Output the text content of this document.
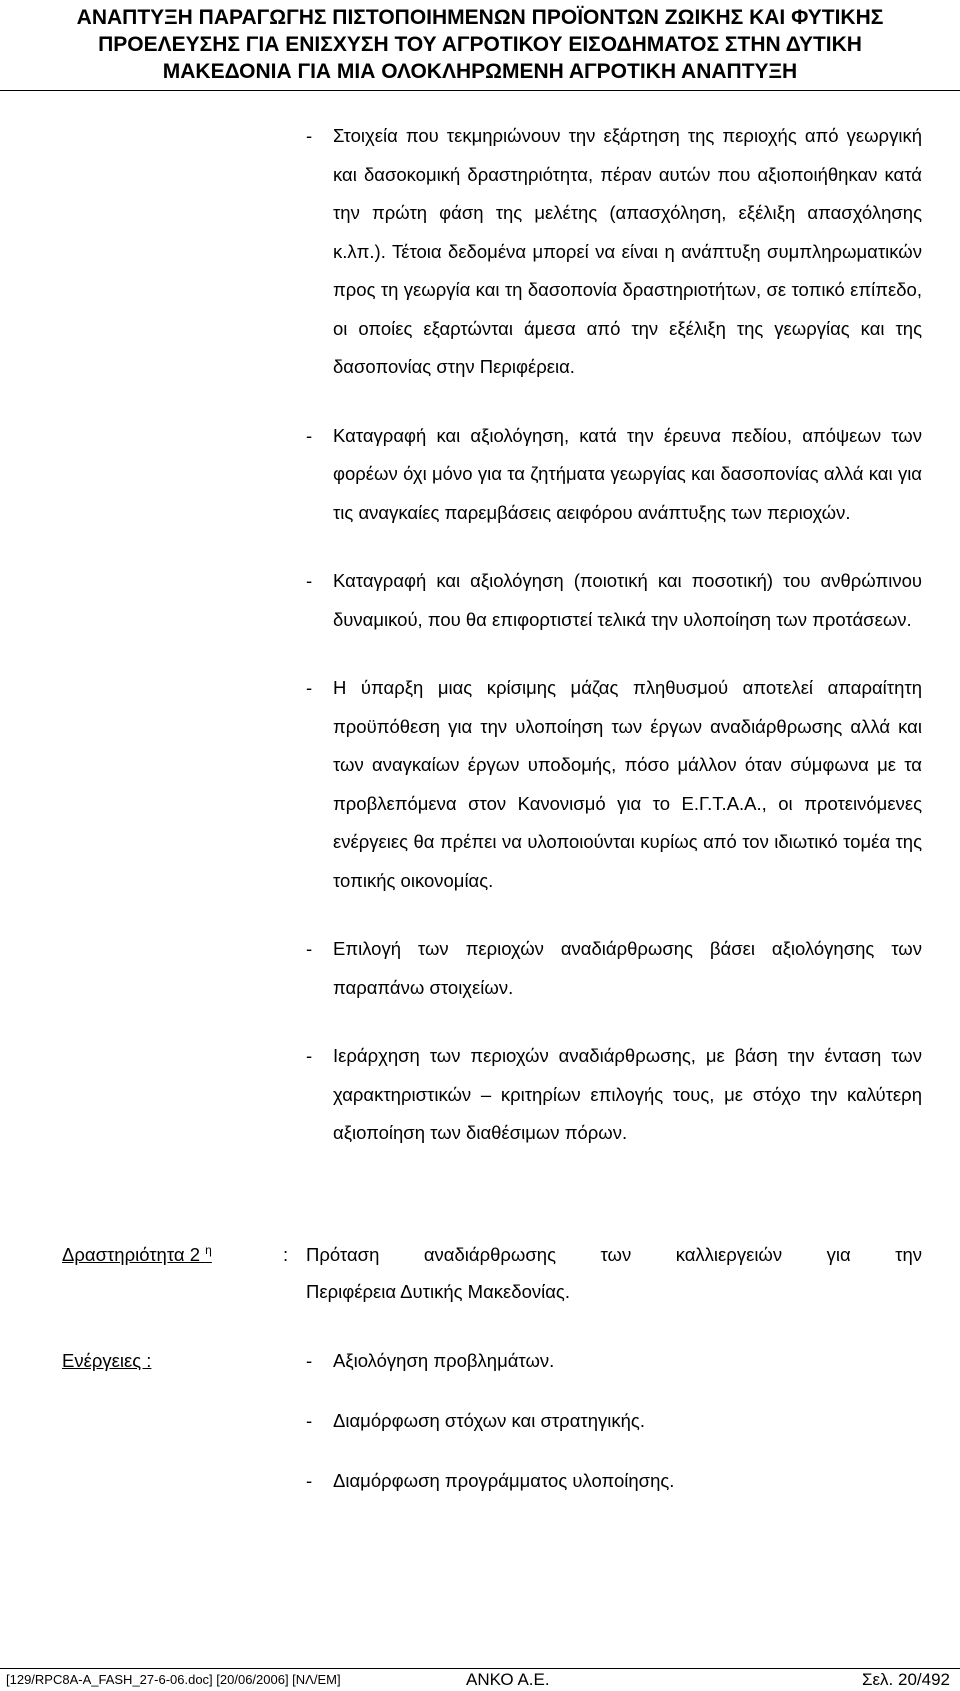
ΑΝΑΠΤΥΞΗ ΠΑΡΑΓΩΓΗΣ ΠΙΣΤΟΠΟΙΗΜΕΝΩΝ ΠΡΟΪΟΝΤΩΝ ΖΩΙΚΗΣ ΚΑΙ ΦΥΤΙΚΗΣ
ΠΡΟΕΛΕΥΣΗΣ ΓΙΑ ΕΝΙΣΧΥΣΗ ΤΟΥ ΑΓΡΟΤΙΚΟΥ ΕΙΣΟΔΗΜΑΤΟΣ ΣΤΗΝ ΔΥΤΙΚΗ
ΜΑΚΕΔΟΝΙΑ ΓΙΑ ΜΙΑ ΟΛΟΚΛΗΡΩΜΕΝΗ ΑΓΡΟΤΙΚΗ ΑΝΑΠΤΥΞΗ
- Στοιχεία που τεκμηριώνουν την εξάρτηση της περιοχής από γεωργική και δασοκομική δραστηριότητα, πέραν αυτών που αξιοποιήθηκαν κατά την πρώτη φάση της μελέτης (απασχόληση, εξέλιξη απασχόλησης κ.λπ.). Τέτοια δεδομένα μπορεί να είναι η ανάπτυξη συμπληρωματικών προς τη γεωργία και τη δασοπονία δραστηριοτήτων, σε τοπικό επίπεδο, οι οποίες εξαρτώνται άμεσα από την εξέλιξη της γεωργίας και της δασοπονίας στην Περιφέρεια.
- Καταγραφή και αξιολόγηση, κατά την έρευνα πεδίου, απόψεων των φορέων όχι μόνο για τα ζητήματα γεωργίας και δασοπονίας αλλά και για τις αναγκαίες παρεμβάσεις αειφόρου ανάπτυξης των περιοχών.
- Καταγραφή και αξιολόγηση (ποιοτική και ποσοτική) του ανθρώπινου δυναμικού, που θα επιφορτιστεί τελικά την υλοποίηση των προτάσεων.
- Η ύπαρξη μιας κρίσιμης μάζας πληθυσμού αποτελεί απαραίτητη προϋπόθεση για την υλοποίηση των έργων αναδιάρθρωσης αλλά και των αναγκαίων έργων υποδομής, πόσο μάλλον όταν σύμφωνα με τα προβλεπόμενα στον Κανονισμό για το Ε.Γ.Τ.Α.Α., οι προτεινόμενες ενέργειες θα πρέπει να υλοποιούνται κυρίως από τον ιδιωτικό τομέα της τοπικής οικονομίας.
- Επιλογή των περιοχών αναδιάρθρωσης βάσει αξιολόγησης των παραπάνω στοιχείων.
- Ιεράρχηση των περιοχών αναδιάρθρωσης, με βάση την ένταση των χαρακτηριστικών – κριτηρίων επιλογής τους, με στόχο την καλύτερη αξιοποίηση των διαθέσιμων πόρων.
Δραστηριότητα 2 $^\eta$	: Πρόταση αναδιάρθρωσης των καλλιεργειών για την
Περιφέρεια Δυτικής Μακεδονίας.
Ενέργειες :	- Αξιολόγηση προβλημάτων.
- Διαμόρφωση στόχων και στρατηγικής.
- Διαμόρφωση προγράμματος υλοποίησης.
[129/RPC8A-A_FASH_27-6-06.doc] [20/06/2006] [ΝΛ/ΕΜ]	ΑΝΚΟ Α.Ε.	Σελ. 20/492
